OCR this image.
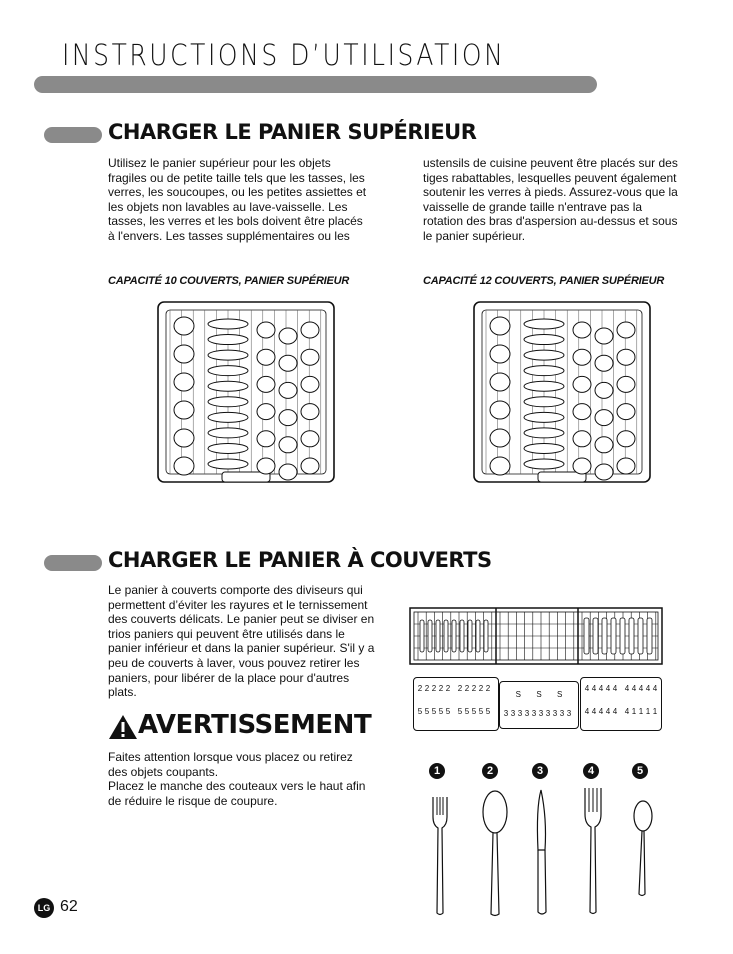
INSTRUCTIONS D’UTILISATION
CHARGER LE PANIER SUPÉRIEUR
Utilisez le panier supérieur pour les objets
fragiles ou de petite taille tels que les tasses, les
verres, les soucoupes, ou les petites assiettes et
les objets non lavables au lave-vaisselle. Les
tasses, les verres et les bols doivent être placés
à l'envers. Les tasses supplémentaires ou les
ustensils de cuisine peuvent être placés sur des
tiges rabattables, lesquelles peuvent également
soutenir les verres à pieds. Assurez-vous que la
vaisselle de grande taille n'entrave pas la
rotation des bras d'aspersion au-dessus et sous
le panier supérieur.
CAPACITÉ 10 COUVERTS, PANIER SUPÉRIEUR	CAPACITÉ 12 COUVERTS, PANIER SUPÉRIEUR
CHARGER LE PANIER À COUVERTS
Le panier à couverts comporte des diviseurs qui
permettent d’éviter les rayures et le ternissement
des couverts délicats. Le panier peut se diviser en
trios paniers qui peuvent être utilisés dans le
panier inférieur et dans la panier supérieur. S'il y a
peu de couverts à laver, vous pouvez retirer les
paniers, pour libérer de la place pour d'autres
plats.
AVERTISSEMENT
Faites attention lorsque vous placez ou retirez
des objets coupants.
Placez le manche des couteaux vers le haut afin
de réduire le risque de coupure.
2 2 2 2 2 2 2 2 2 2
5 5 5 5 5 5 5 5 5 5
S S S
3 3 3 3 3 3 3 3 3 3
4 4 4 4 4 4 4 4 4 4
4 4 4 4 4 4 1 1 1 1
1	2	3	4	5
LG 62
